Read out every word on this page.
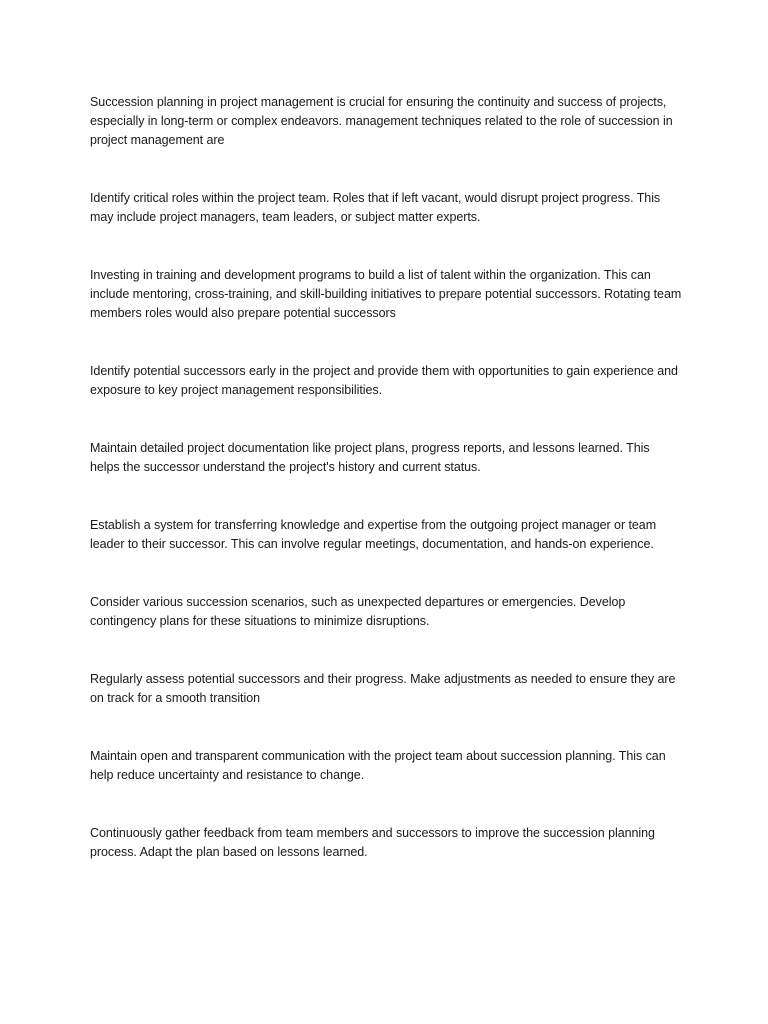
Succession planning in project management is crucial for ensuring the continuity and success of projects, especially in long-term or complex endeavors. management techniques related to the role of succession in project management are

Identify critical roles within the project team. Roles that if left vacant, would disrupt project progress. This may include project managers, team leaders, or subject matter experts.

Investing in training and development programs to build a list of talent within the organization. This can include mentoring, cross-training, and skill-building initiatives to prepare potential successors. Rotating team members roles would also prepare potential successors

Identify potential successors early in the project and provide them with opportunities to gain experience and exposure to key project management responsibilities.

Maintain detailed project documentation like project plans, progress reports, and lessons learned. This helps the successor understand the project's history and current status.

Establish a system for transferring knowledge and expertise from the outgoing project manager or team leader to their successor. This can involve regular meetings, documentation, and hands-on experience.

Consider various succession scenarios, such as unexpected departures or emergencies. Develop contingency plans for these situations to minimize disruptions.

Regularly assess potential successors and their progress. Make adjustments as needed to ensure they are on track for a smooth transition

Maintain open and transparent communication with the project team about succession planning. This can help reduce uncertainty and resistance to change.

Continuously gather feedback from team members and successors to improve the succession planning process. Adapt the plan based on lessons learned.
